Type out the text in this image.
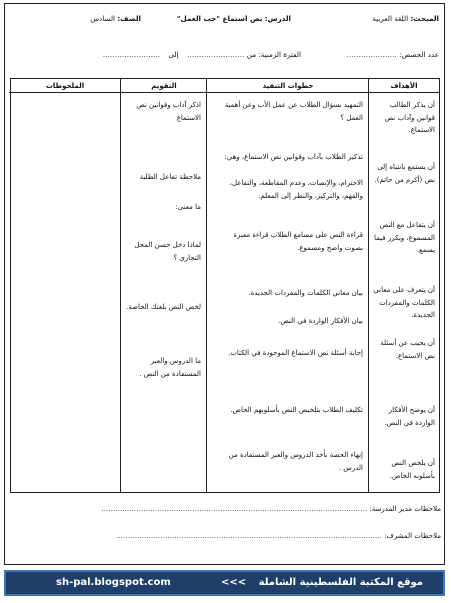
المبحث: اللغة العربية
الدرس: نص استماع "حب العمل"
الصف: السادس
عدد الحصص: …………………
الفترة الزمنية: من …………………… إلى ……………………
الأهداف
خطوات التنفيذ
التقويم
الملحوظات
أن يذكر الطالب قوانين وآداب نص الاستماع.
أن يستمع بانتباه إلى نص (أكرم من حاتم).
أن يتفاعل مع النص المسموع، ويكرر فيما يسمع.
أن يتعرف على معاني الكلمات والمفردات الجديدة.
أن يجيب عن أسئلة نص الاستماع.
أن يوضح الأفكار الواردة في النص.
أن يلخص النص بأسلوبه الخاص.
التمهيد بسؤال الطلاب عن عمل الأب وعن أهمية العمل ؟
تذكير الطلاب بآداب وقوانين نص الاستماع، وهي:
الاحترام، والإنصات، وعدم المقاطعة، والتفاعل، والفهم، والتركيز، والنظر إلى المعلم.
قراءة النص على مسامع الطلاب قراءة معبرة بصوت واضح ومسموع.
بيان معاني الكلمات والمفردات الجديدة.
بيان الأفكار الواردة في النص.
إجابة أسئلة نص الاستماع الموجودة في الكتاب.
تكليف الطلاب بتلخيص النص بأسلوبهم الخاص.
إنهاء الحصة بأخذ الدروس والعبر المستفادة من الدرس .
اذكر آداب وقوانين نص الاستماع
ملاحظة تفاعل الطلبة
ما معنى:
لماذا دخل حسن المحل التجاري ؟
لخص النص بلغتك الخاصة.
ما الدروس والعبر المستفادة من النص .
ملاحظات مدير المدرسة: ……………………………………………………………………………………………………
ملاحظات المشرف: ……………………………………………………………………………………………………
sh-pal.blogspot.com	<<< موقع المكتبة الفلسطينية الشاملة
